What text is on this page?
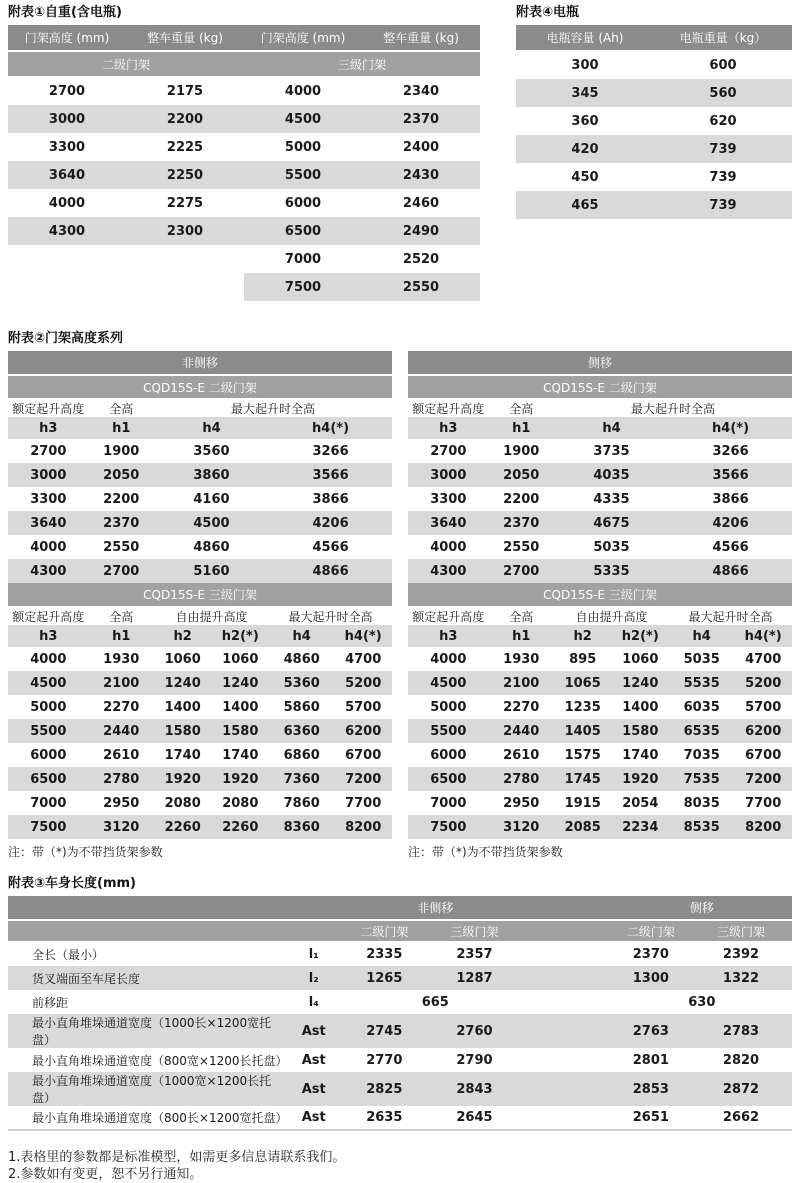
附表①自重(含电瓶)
门架高度 (mm)	整车重量 (kg)	门架高度 (mm)	整车重量 (kg)
二级门架		三级门架	
2700	2175	4000	2340
3000	2200	4500	2370
3300	2225	5000	2400
3640	2250	5500	2430
4000	2275	6000	2460
4300	2300	6500	2490
		7000	2520
		7500	2550
附表④电瓶
电瓶容量 (Ah)	电瓶重量（kg）
300	600
345	560
360	620
420	739
450	739
465	739
附表②门架高度系列
非侧移					
CQD15S-E 二级门架					
额定起升高度	全高	最大起升时全高			
h3	h1	h4		h4(*)	
2700	1900	3560		3266	
3000	2050	3860		3566	
3300	2200	4160		3866	
3640	2370	4500		4206	
4000	2550	4860		4566	
4300	2700	5160		4866	
CQD15S-E 三级门架					
额定起升高度	全高	自由提升高度		最大起升时全高	
h3	h1	h2	h2(*)	h4	h4(*)
4000	1930	1060	1060	4860	4700
4500	2100	1240	1240	5360	5200
5000	2270	1400	1400	5860	5700
5500	2440	1580	1580	6360	6200
6000	2610	1740	1740	6860	6700
6500	2780	1920	1920	7360	7200
7000	2950	2080	2080	7860	7700
7500	3120	2260	2260	8360	8200
注：带（*)为不带挡货架参数
侧移					
CQD15S-E 二级门架					
额定起升高度	全高	最大起升时全高			
h3	h1	h4		h4(*)	
2700	1900	3735		3266	
3000	2050	4035		3566	
3300	2200	4335		3866	
3640	2370	4675		4206	
4000	2550	5035		4566	
4300	2700	5335		4866	
CQD15S-E 三级门架					
额定起升高度	全高	自由提升高度		最大起升时全高	
h3	h1	h2	h2(*)	h4	h4(*)
4000	1930	895	1060	5035	4700
4500	2100	1065	1240	5535	5200
5000	2270	1235	1400	6035	5700
5500	2440	1405	1580	6535	6200
6000	2610	1575	1740	7035	6700
6500	2780	1745	1920	7535	7200
7000	2950	1915	2054	8035	7700
7500	3120	2085	2234	8535	8200
注：带（*)为不带挡货架参数
附表③车身长度(mm)
		非侧移			侧移	
		二级门架	三级门架		二级门架	三级门架
全长（最小）	l₁	2335	2357		2370	2392
货叉端面至车尾长度	l₂	1265	1287		1300	1322
前移距	l₄	665			630	
最小直角堆垛通道宽度（1000长×1200宽托盘）	Ast	2745	2760		2763	2783
最小直角堆垛通道宽度（800宽×1200长托盘）	Ast	2770	2790		2801	2820
最小直角堆垛通道宽度（1000宽×1200长托盘）	Ast	2825	2843		2853	2872
最小直角堆垛通道宽度（800长×1200宽托盘）	Ast	2635	2645		2651	2662
1.表格里的参数都是标准模型，如需更多信息请联系我们。
2.参数如有变更，恕不另行通知。
